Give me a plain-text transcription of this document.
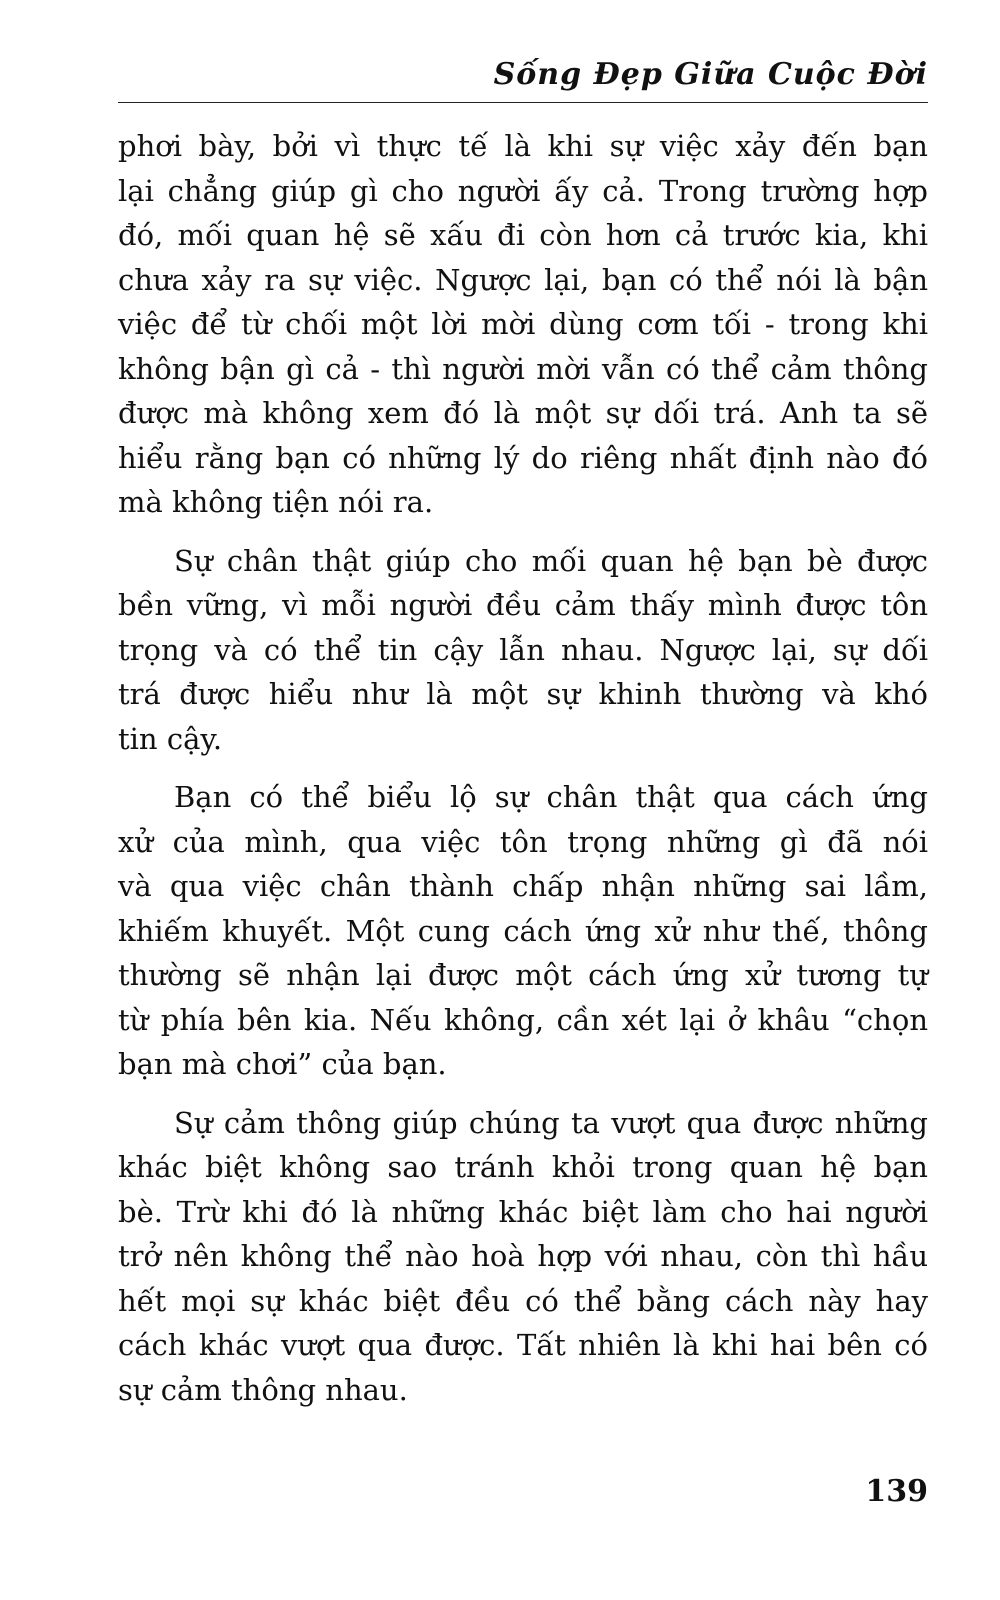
Sống Đẹp Giữa Cuộc Đời
phơi bày, bởi vì thực tế là khi sự việc xảy đến bạn
lại chẳng giúp gì cho người ấy cả. Trong trường hợp
đó, mối quan hệ sẽ xấu đi còn hơn cả trước kia, khi
chưa xảy ra sự việc. Ngược lại, bạn có thể nói là bận
việc để từ chối một lời mời dùng cơm tối - trong khi
không bận gì cả - thì người mời vẫn có thể cảm thông
được mà không xem đó là một sự dối trá. Anh ta sẽ
hiểu rằng bạn có những lý do riêng nhất định nào đó
mà không tiện nói ra.
Sự chân thật giúp cho mối quan hệ bạn bè được
bền vững, vì mỗi người đều cảm thấy mình được tôn
trọng và có thể tin cậy lẫn nhau. Ngược lại, sự dối
trá được hiểu như là một sự khinh thường và khó
tin cậy.
Bạn có thể biểu lộ sự chân thật qua cách ứng
xử của mình, qua việc tôn trọng những gì đã nói
và qua việc chân thành chấp nhận những sai lầm,
khiếm khuyết. Một cung cách ứng xử như thế, thông
thường sẽ nhận lại được một cách ứng xử tương tự
từ phía bên kia. Nếu không, cần xét lại ở khâu “chọn
bạn mà chơi” của bạn.
Sự cảm thông giúp chúng ta vượt qua được những
khác biệt không sao tránh khỏi trong quan hệ bạn
bè. Trừ khi đó là những khác biệt làm cho hai người
trở nên không thể nào hoà hợp với nhau, còn thì hầu
hết mọi sự khác biệt đều có thể bằng cách này hay
cách khác vượt qua được. Tất nhiên là khi hai bên có
sự cảm thông nhau.
139
